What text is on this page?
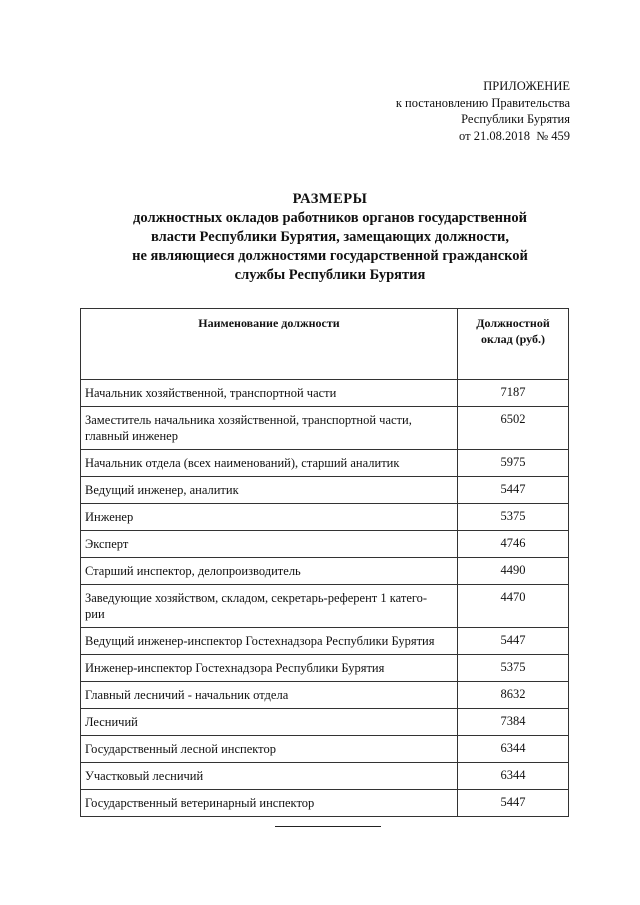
ПРИЛОЖЕНИЕ
к постановлению Правительства
Республики Бурятия
от 21.08.2018  № 459
РАЗМЕРЫ
должностных окладов работников органов государственной
власти Республики Бурятия, замещающих должности,
не являющиеся должностями государственной гражданской
службы Республики Бурятия
Наименование должности	Должностной
оклад (руб.)

Начальник хозяйственной, транспортной части	7187
Заместитель начальника хозяйственной, транспортной части,
главный инженер	6502
Начальник отдела (всех наименований), старший аналитик	5975
Ведущий инженер, аналитик	5447
Инженер	5375
Эксперт	4746
Старший инспектор, делопроизводитель	4490
Заведующие хозяйством, складом, секретарь-референт 1 катего-
рии	4470
Ведущий инженер-инспектор Гостехнадзора Республики Бурятия	5447
Инженер-инспектор Гостехнадзора Республики Бурятия	5375
Главный лесничий - начальник отдела	8632
Лесничий	7384
Государственный лесной инспектор	6344
Участковый лесничий	6344
Государственный ветеринарный инспектор	5447
